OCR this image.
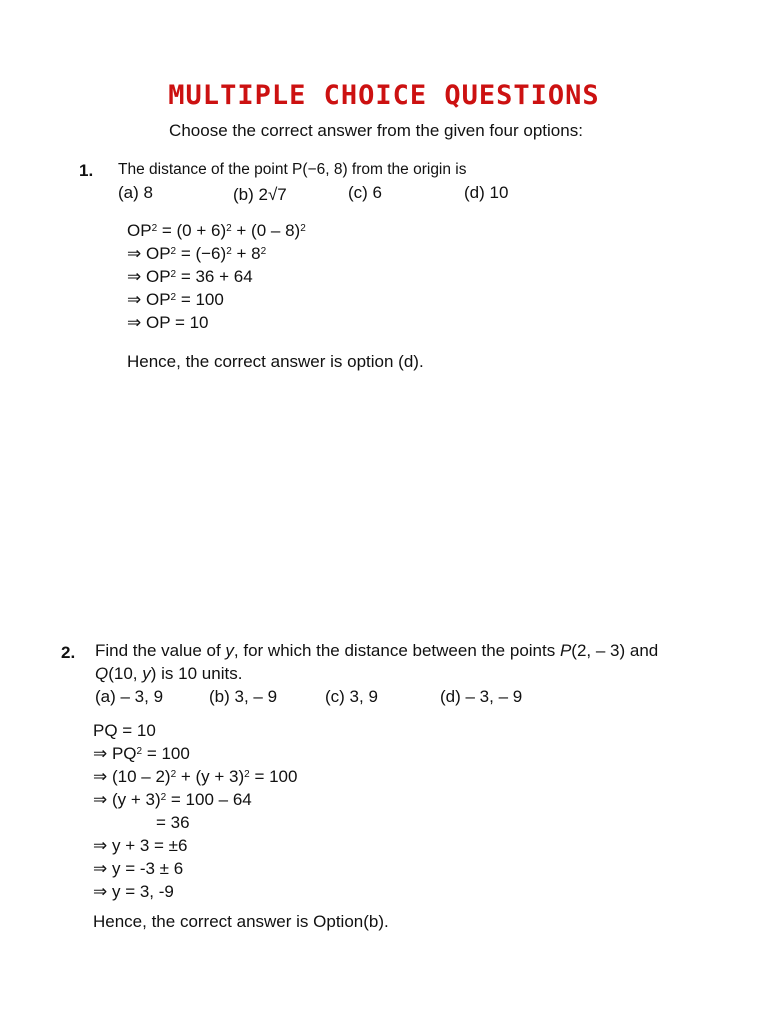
MULTIPLE CHOICE QUESTIONS
Choose the correct answer from the given four options:
1. The distance of the point P(−6, 8) from the origin is
(a) 8	(b) 2√7	(c) 6	(d) 10
$OP^2 = (0 + 6)^2 + (0 - 8)^2$
⇒ $OP^2 = (-6)^2 + 8^2$
⇒ $OP^2 = 36 + 64$
⇒ $OP^2 = 100$
⇒ OP = 10
Hence, the correct answer is option (d).
2. Find the value of y, for which the distance between the points P(2, – 3) and
Q(10, y) is 10 units.
(a) – 3, 9	(b) 3, – 9	(c) 3, 9	(d) – 3, – 9
PQ = 10
⇒ $PQ^2 = 100$
⇒ $(10 - 2)^2 + (y + 3)^2 = 100$
⇒ $(y + 3)^2 = 100 - 64$
= 36
⇒ y + 3 = ±6
⇒ y = -3 ± 6
⇒ y = 3, -9
Hence, the correct answer is Option(b).
